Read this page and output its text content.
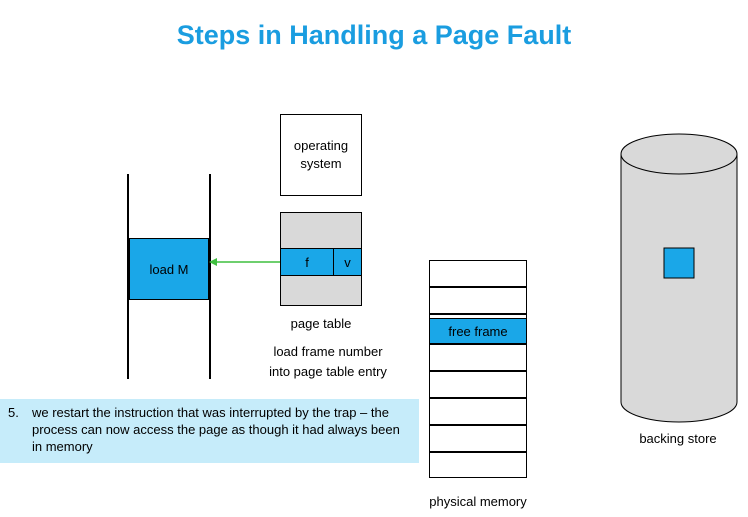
Steps in Handling a Page Fault
load M
operating
system
f	v
page table
load frame number
into page table entry
free frame
physical memory
backing store
5. we restart the instruction that was interrupted by the trap – the process can now access the page as though it had always been in memory
